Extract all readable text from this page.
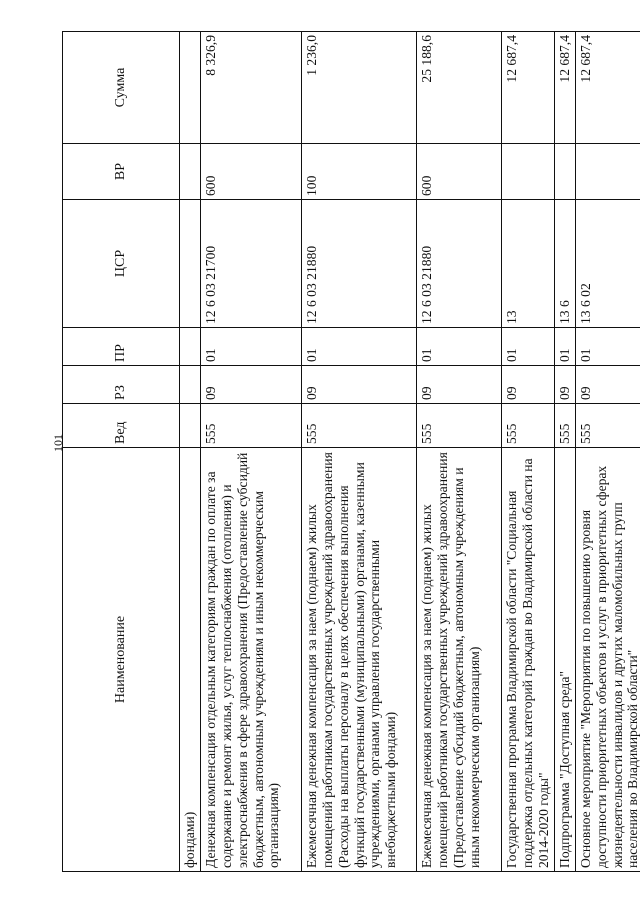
101
Наименование	Вед	РЗ	ПР	ЦСР	ВР	Сумма
фондами)						
Денежная компенсация отдельным категориям граждан по оплате за содержание и ремонт жилья, услуг теплоснабжения (отопления) и электроснабжения в сфере здравоохранения (Предоставление субсидий бюджетным, автономным учреждениям и иным некоммерческим организациям)	555	09	01	12 6 03 21700	600	8 326,9
Ежемесячная денежная компенсация за наем (поднаем) жилых помещений работникам государственных учреждений здравоохранения (Расходы на выплаты персоналу в целях обеспечения выполнения функций государственными (муниципальными) органами, казенными учреждениями, органами управления государственными внебюджетными фондами)	555	09	01	12 6 03 21880	100	1 236,0
Ежемесячная денежная компенсация за наем (поднаем) жилых помещений работникам государственных учреждений здравоохранения (Предоставление субсидий бюджетным, автономным учреждениям и иным некоммерческим организациям)	555	09	01	12 6 03 21880	600	25 188,6
Государственная программа Владимирской области "Социальная поддержка отдельных категорий граждан во Владимирской области на 2014-2020 годы"	555	09	01	13		12 687,4
Подпрограмма "Доступная среда"	555	09	01	13 6		12 687,4
Основное мероприятие "Мероприятия по повышению уровня доступности приоритетных объектов и услуг в приоритетных сферах жизнедеятельности инвалидов и других маломобильных групп населения во Владимирской области"	555	09	01	13 6 02		12 687,4
